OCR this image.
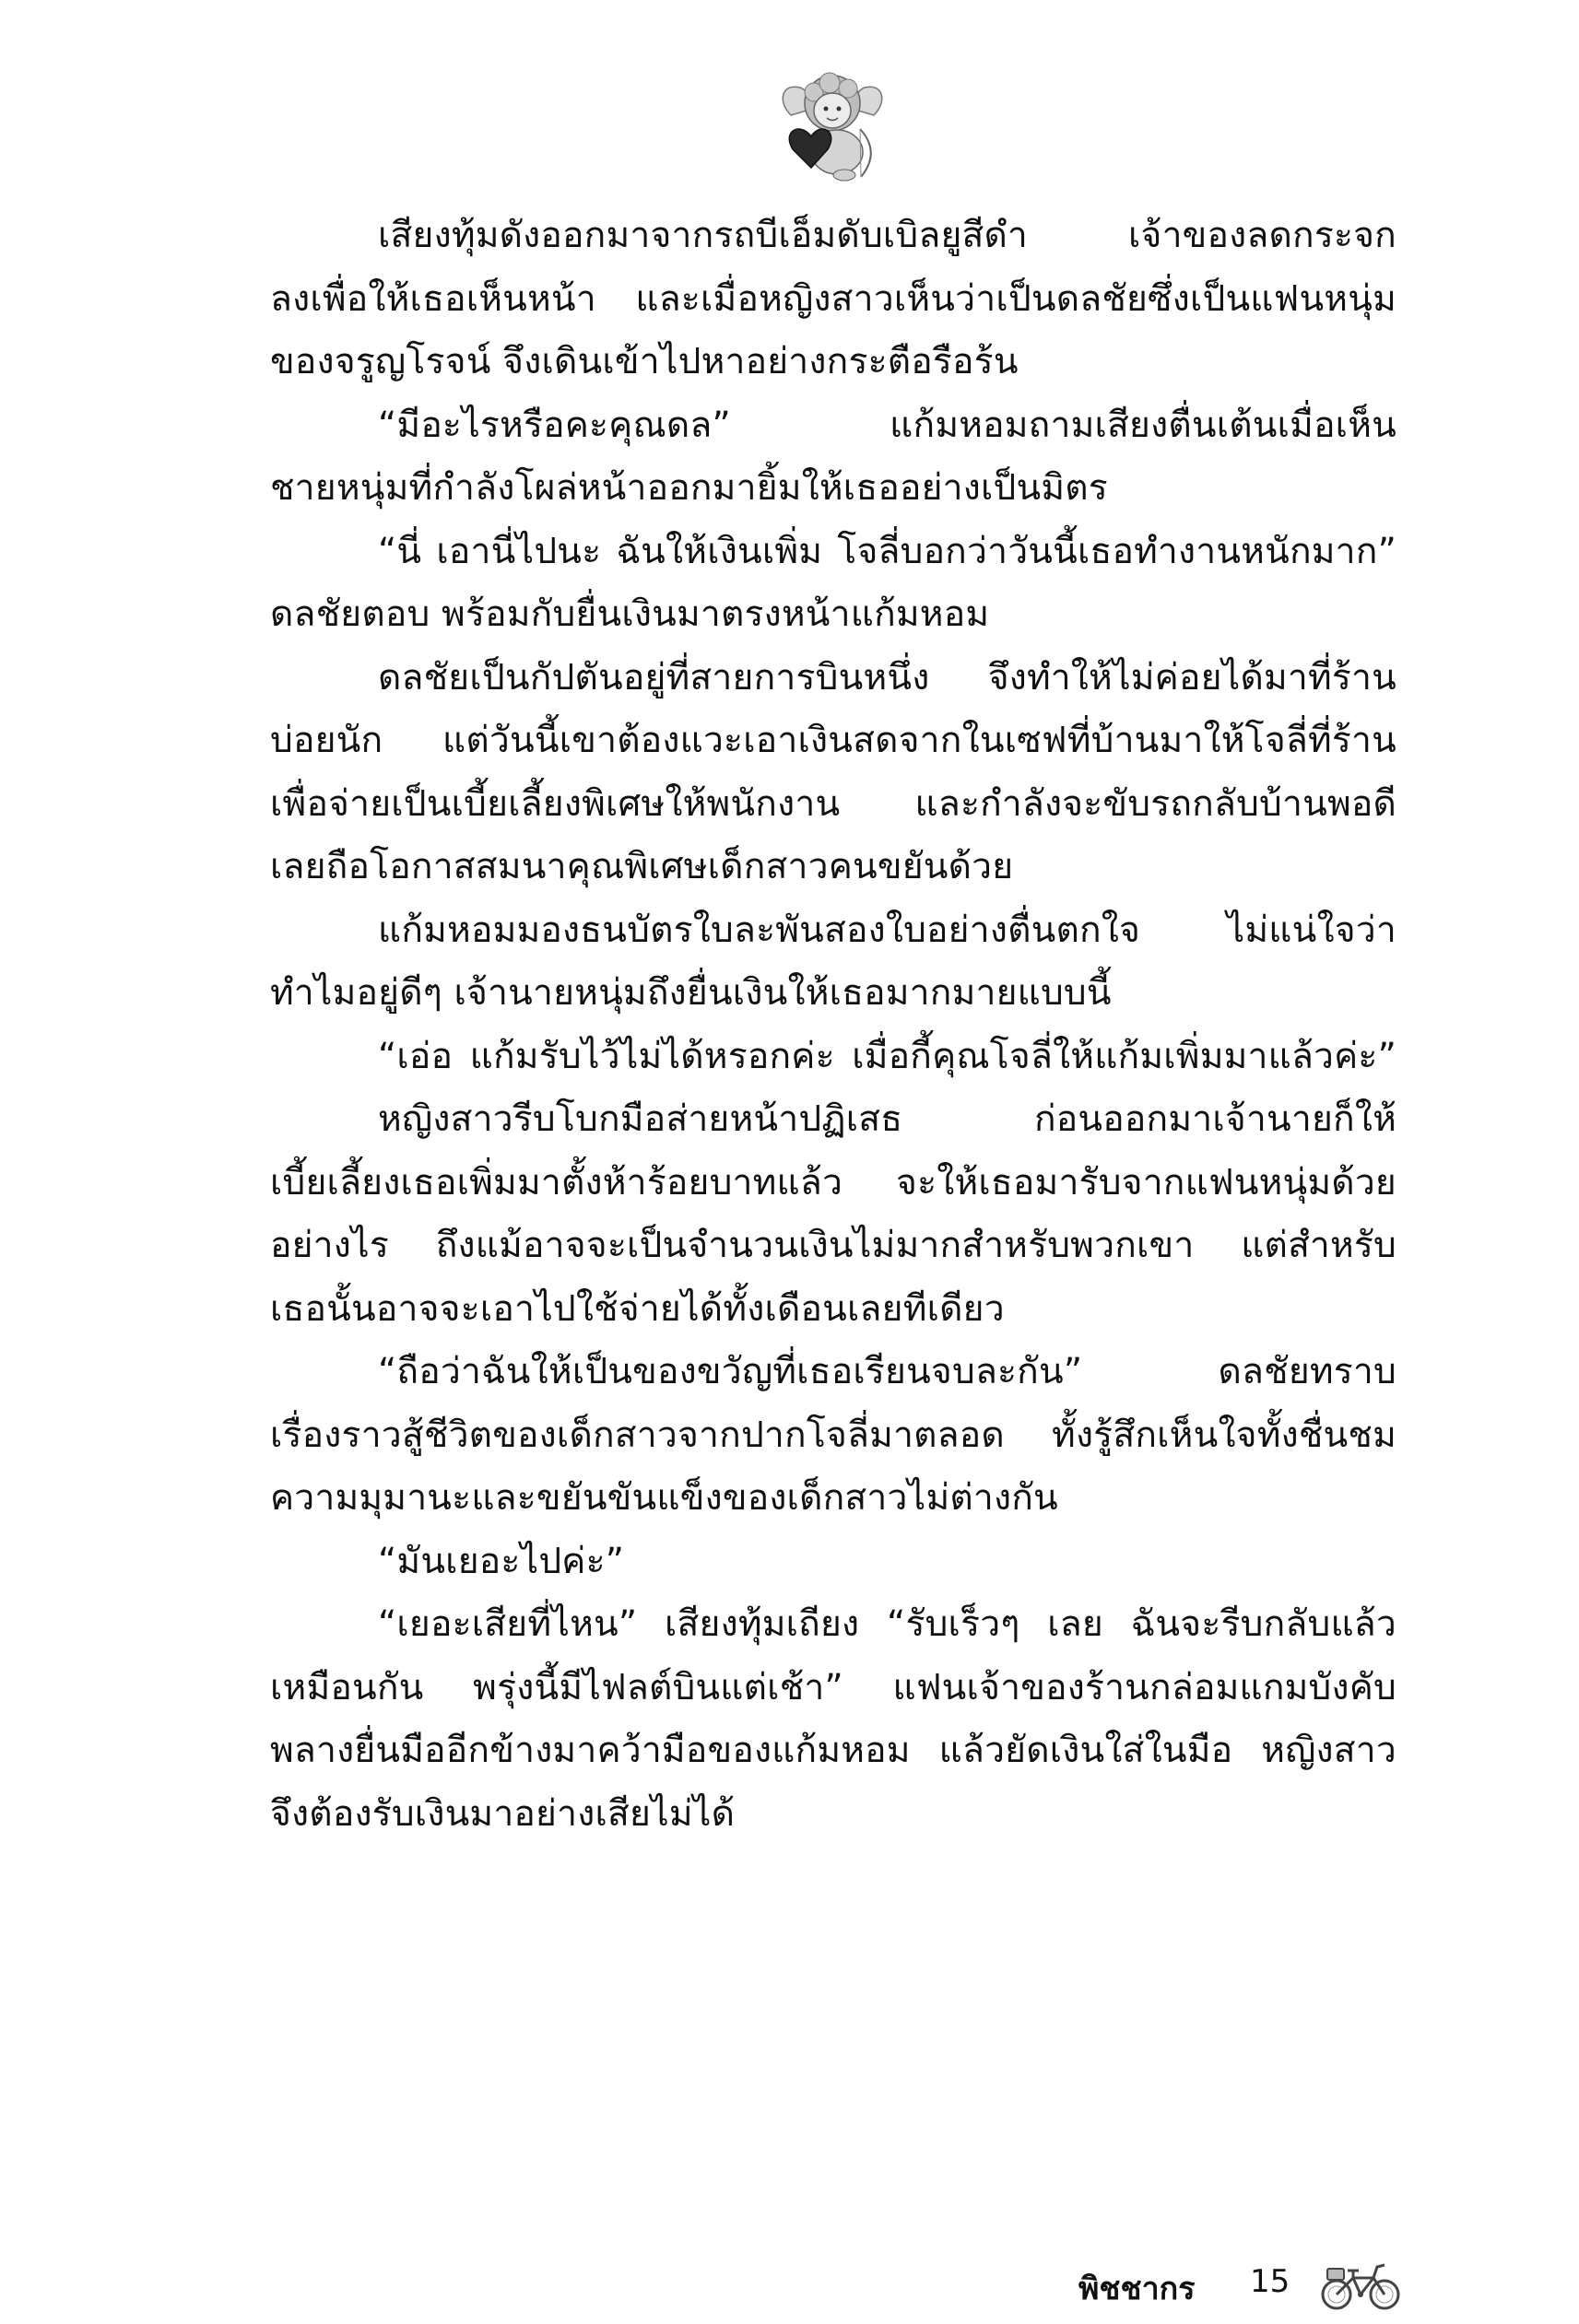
เสียงทุ้มดังออกมาจากรถบีเอ็มดับเบิลยูสีดำ เจ้าของลดกระจก
ลงเพื่อให้เธอเห็นหน้า และเมื่อหญิงสาวเห็นว่าเป็นดลชัยซึ่งเป็นแฟนหนุ่ม
ของจรูญโรจน์ จึงเดินเข้าไปหาอย่างกระตือรือร้น
“มีอะไรหรือคะคุณดล” แก้มหอมถามเสียงตื่นเต้นเมื่อเห็น
ชายหนุ่มที่กำลังโผล่หน้าออกมายิ้มให้เธออย่างเป็นมิตร
“นี่ เอานี่ไปนะ ฉันให้เงินเพิ่ม โจลี่บอกว่าวันนี้เธอทำงานหนักมาก”
ดลชัยตอบ พร้อมกับยื่นเงินมาตรงหน้าแก้มหอม
ดลชัยเป็นกัปตันอยู่ที่สายการบินหนึ่ง จึงทำให้ไม่ค่อยได้มาที่ร้าน
บ่อยนัก แต่วันนี้เขาต้องแวะเอาเงินสดจากในเซฟที่บ้านมาให้โจลี่ที่ร้าน
เพื่อจ่ายเป็นเบี้ยเลี้ยงพิเศษให้พนักงาน และกำลังจะขับรถกลับบ้านพอดี
เลยถือโอกาสสมนาคุณพิเศษเด็กสาวคนขยันด้วย
แก้มหอมมองธนบัตรใบละพันสองใบอย่างตื่นตกใจ ไม่แน่ใจว่า
ทำไมอยู่ดีๆ เจ้านายหนุ่มถึงยื่นเงินให้เธอมากมายแบบนี้
“เอ่อ แก้มรับไว้ไม่ได้หรอกค่ะ เมื่อกี้คุณโจลี่ให้แก้มเพิ่มมาแล้วค่ะ”
หญิงสาวรีบโบกมือส่ายหน้าปฏิเสธ ก่อนออกมาเจ้านายก็ให้
เบี้ยเลี้ยงเธอเพิ่มมาตั้งห้าร้อยบาทแล้ว จะให้เธอมารับจากแฟนหนุ่มด้วย
อย่างไร ถึงแม้อาจจะเป็นจำนวนเงินไม่มากสำหรับพวกเขา แต่สำหรับ
เธอนั้นอาจจะเอาไปใช้จ่ายได้ทั้งเดือนเลยทีเดียว
“ถือว่าฉันให้เป็นของขวัญที่เธอเรียนจบละกัน” ดลชัยทราบ
เรื่องราวสู้ชีวิตของเด็กสาวจากปากโจลี่มาตลอด ทั้งรู้สึกเห็นใจทั้งชื่นชม
ความมุมานะและขยันขันแข็งของเด็กสาวไม่ต่างกัน
“มันเยอะไปค่ะ”
“เยอะเสียที่ไหน” เสียงทุ้มเถียง “รับเร็วๆ เลย ฉันจะรีบกลับแล้ว
เหมือนกัน พรุ่งนี้มีไฟลต์บินแต่เช้า” แฟนเจ้าของร้านกล่อมแกมบังคับ
พลางยื่นมืออีกข้างมาคว้ามือของแก้มหอม แล้วยัดเงินใส่ในมือ หญิงสาว
จึงต้องรับเงินมาอย่างเสียไม่ได้
พิชชากร 15
